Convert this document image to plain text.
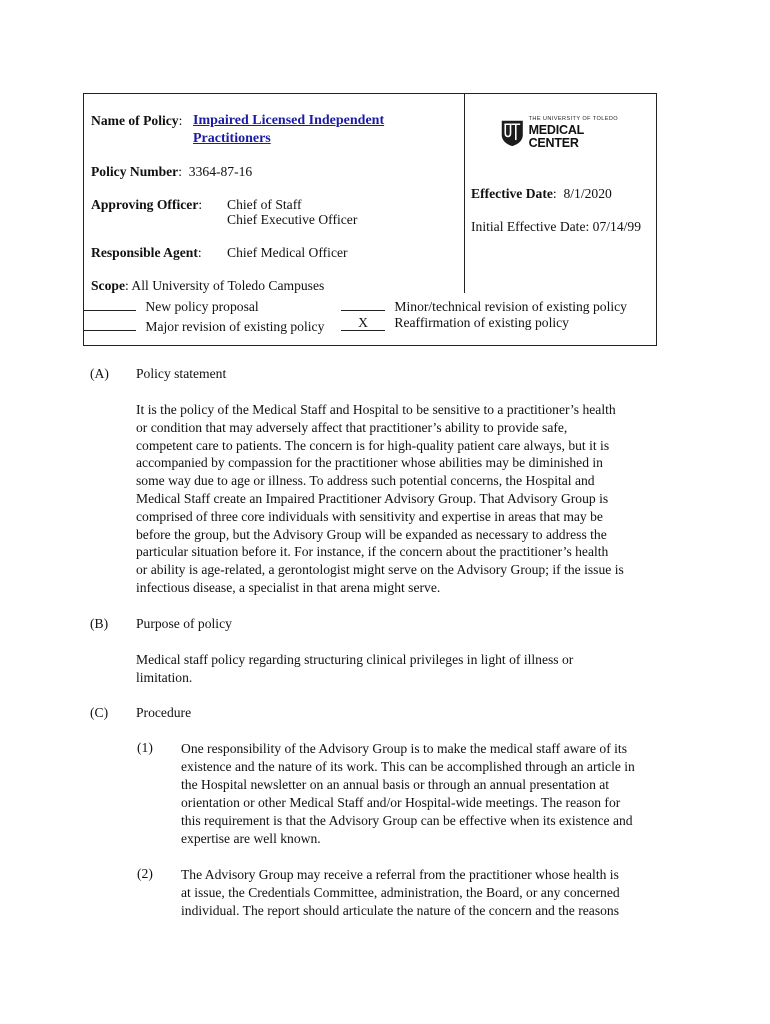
Name of Policy: Impaired Licensed Independent
Practitioners
Policy Number:  3364-87-16
Approving Officer: Chief of Staff
Chief Executive Officer
Responsible Agent: Chief Medical Officer
Scope: All University of Toledo Campuses
THE UNIVERSITY OF TOLEDO
MEDICAL CENTER
Effective Date:  8/1/2020
Initial Effective Date: 07/14/99
New policy proposal
Major revision of existing policy
Minor/technical revision of existing policy
X Reaffirmation of existing policy
(A) Policy statement
It is the policy of the Medical Staff and Hospital to be sensitive to a practitioner’s health
or condition that may adversely affect that practitioner’s ability to provide safe,
competent care to patients. The concern is for high-quality patient care always, but it is
accompanied by compassion for the practitioner whose abilities may be diminished in
some way due to age or illness. To address such potential concerns, the Hospital and
Medical Staff create an Impaired Practitioner Advisory Group. That Advisory Group is
comprised of three core individuals with sensitivity and expertise in areas that may be
before the group, but the Advisory Group will be expanded as necessary to address the
particular situation before it. For instance, if the concern about the practitioner’s health
or ability is age-related, a gerontologist might serve on the Advisory Group; if the issue is
infectious disease, a specialist in that arena might serve.
(B) Purpose of policy
Medical staff policy regarding structuring clinical privileges in light of illness or
limitation.
(C) Procedure
(1) One responsibility of the Advisory Group is to make the medical staff aware of its
existence and the nature of its work. This can be accomplished through an article in
the Hospital newsletter on an annual basis or through an annual presentation at
orientation or other Medical Staff and/or Hospital-wide meetings. The reason for
this requirement is that the Advisory Group can be effective when its existence and
expertise are well known.
(2) The Advisory Group may receive a referral from the practitioner whose health is
at issue, the Credentials Committee, administration, the Board, or any concerned
individual. The report should articulate the nature of the concern and the reasons
